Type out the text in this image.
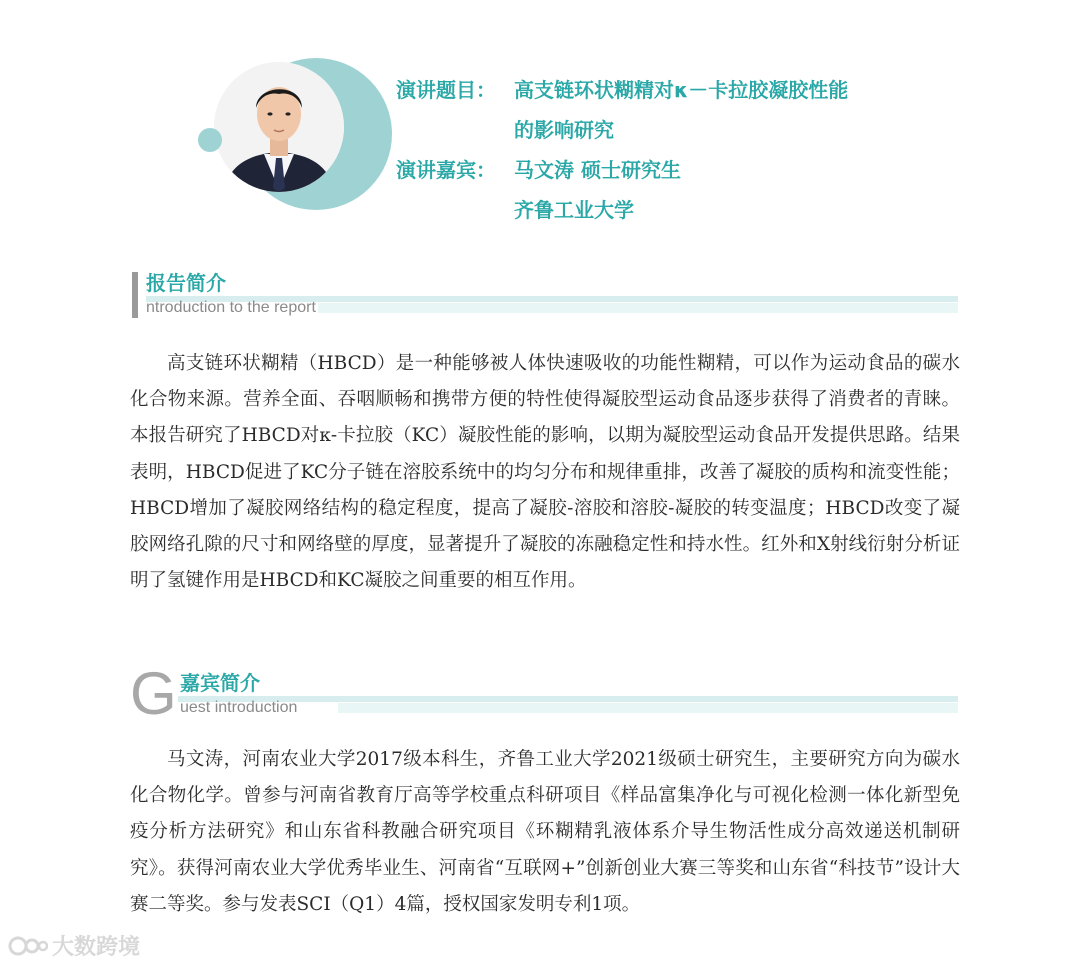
演讲题目： 高支链环状糊精对κ－卡拉胶凝胶性能
的影响研究
演讲嘉宾： 马文涛 硕士研究生
齐鲁工业大学
报告简介
ntroduction to the report
高支链环状糊精（HBCD）是一种能够被人体快速吸收的功能性糊精，可以作为运动食品的碳水化合物来源。营养全面、吞咽顺畅和携带方便的特性使得凝胶型运动食品逐步获得了消费者的青睐。本报告研究了HBCD对κ-卡拉胶（KC）凝胶性能的影响，以期为凝胶型运动食品开发提供思路。结果表明，HBCD促进了KC分子链在溶胶系统中的均匀分布和规律重排，改善了凝胶的质构和流变性能；HBCD增加了凝胶网络结构的稳定程度，提高了凝胶-溶胶和溶胶-凝胶的转变温度；HBCD改变了凝胶网络孔隙的尺寸和网络壁的厚度，显著提升了凝胶的冻融稳定性和持水性。红外和X射线衍射分析证明了氢键作用是HBCD和KC凝胶之间重要的相互作用。
G 嘉宾简介
uest introduction
马文涛，河南农业大学2017级本科生，齐鲁工业大学2021级硕士研究生，主要研究方向为碳水化合物化学。曾参与河南省教育厅高等学校重点科研项目《样品富集净化与可视化检测一体化新型免疫分析方法研究》和山东省科教融合研究项目《环糊精乳液体系介导生物活性成分高效递送机制研究》。获得河南农业大学优秀毕业生、河南省“互联网+”创新创业大赛三等奖和山东省“科技节”设计大赛二等奖。参与发表SCI（Q1）4篇，授权国家发明专利1项。
大数跨境
